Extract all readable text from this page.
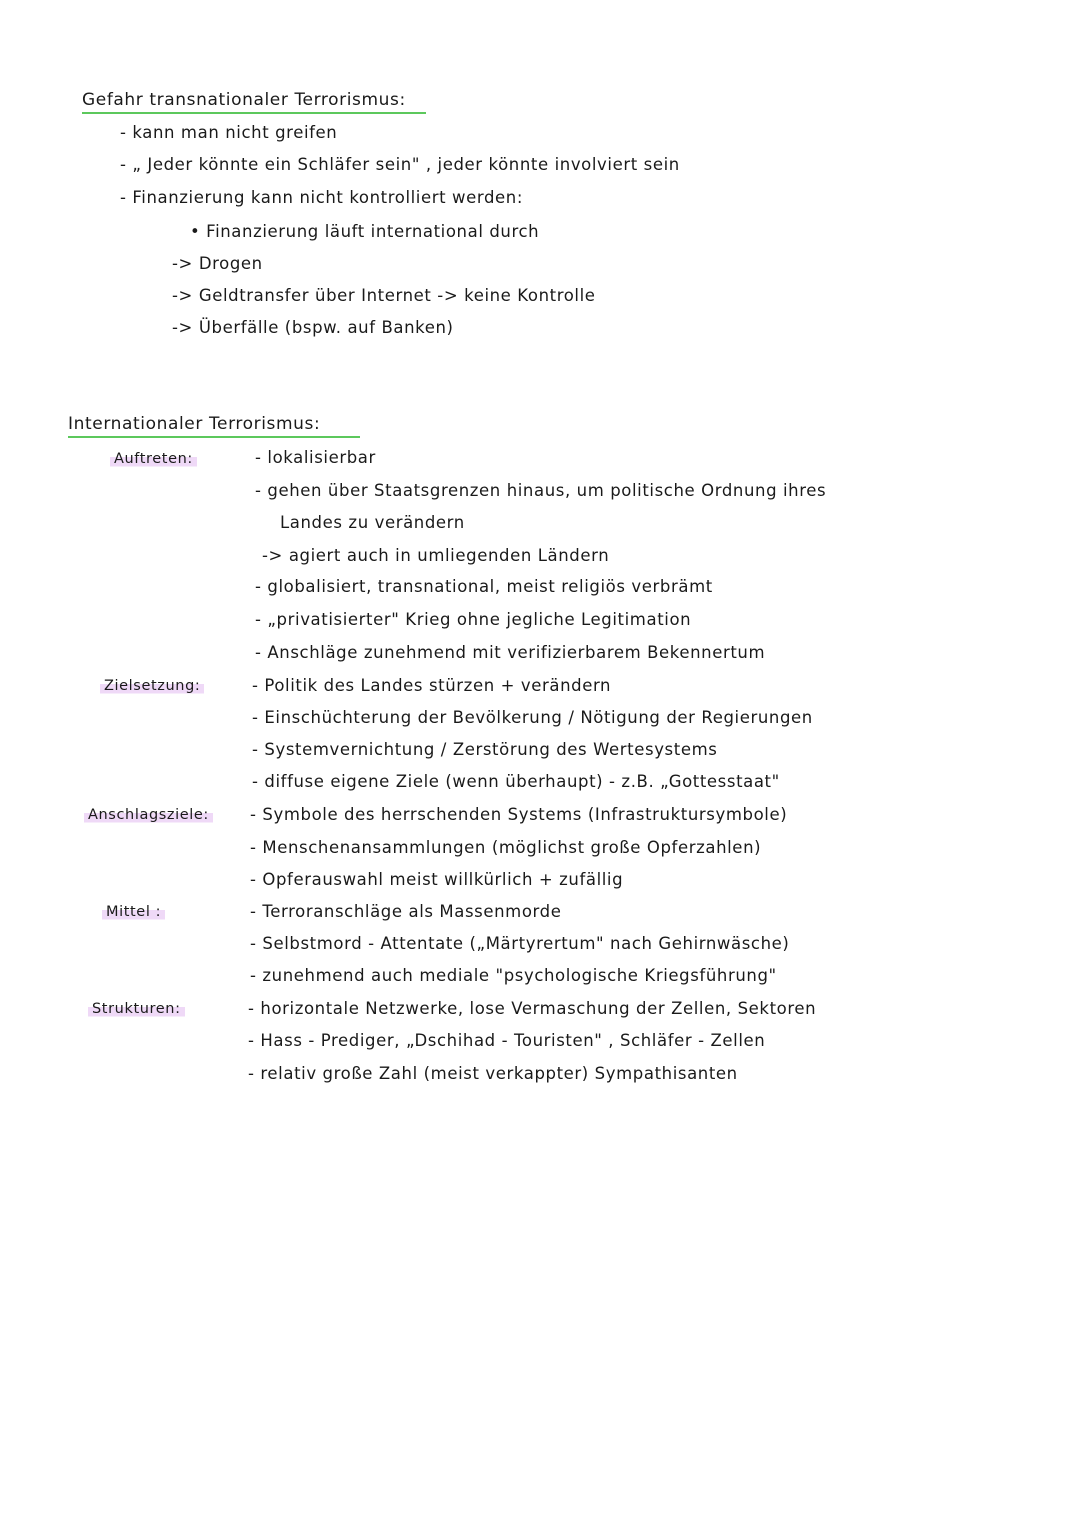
Gefahr transnationaler Terrorismus:
- kann man nicht greifen
- „ Jeder könnte ein Schläfer sein" , jeder könnte involviert sein
- Finanzierung kann nicht kontrolliert werden:
• Finanzierung läuft international durch
-> Drogen
-> Geldtransfer über Internet -> keine Kontrolle
-> Überfälle (bspw. auf Banken)
Internationaler Terrorismus:
Auftreten:
Zielsetzung:
Anschlagsziele:
Mittel :
Strukturen:
- lokalisierbar
- gehen über Staatsgrenzen hinaus, um politische Ordnung ihres
Landes zu verändern
-> agiert auch in umliegenden Ländern
- globalisiert, transnational, meist religiös verbrämt
- „privatisierter" Krieg ohne jegliche Legitimation
- Anschläge zunehmend mit verifizierbarem Bekennertum
- Politik des Landes stürzen + verändern
- Einschüchterung der Bevölkerung / Nötigung der Regierungen
- Systemvernichtung / Zerstörung des Wertesystems
- diffuse eigene Ziele (wenn überhaupt) - z.B. „Gottesstaat"
- Symbole des herrschenden Systems (Infrastruktursymbole)
- Menschenansammlungen (möglichst große Opferzahlen)
- Opferauswahl meist willkürlich + zufällig
- Terroranschläge als Massenmorde
- Selbstmord - Attentate („Märtyrertum" nach Gehirnwäsche)
- zunehmend auch mediale "psychologische Kriegsführung"
- horizontale Netzwerke, lose Vermaschung der Zellen, Sektoren
- Hass - Prediger, „Dschihad - Touristen" , Schläfer - Zellen
- relativ große Zahl (meist verkappter) Sympathisanten
